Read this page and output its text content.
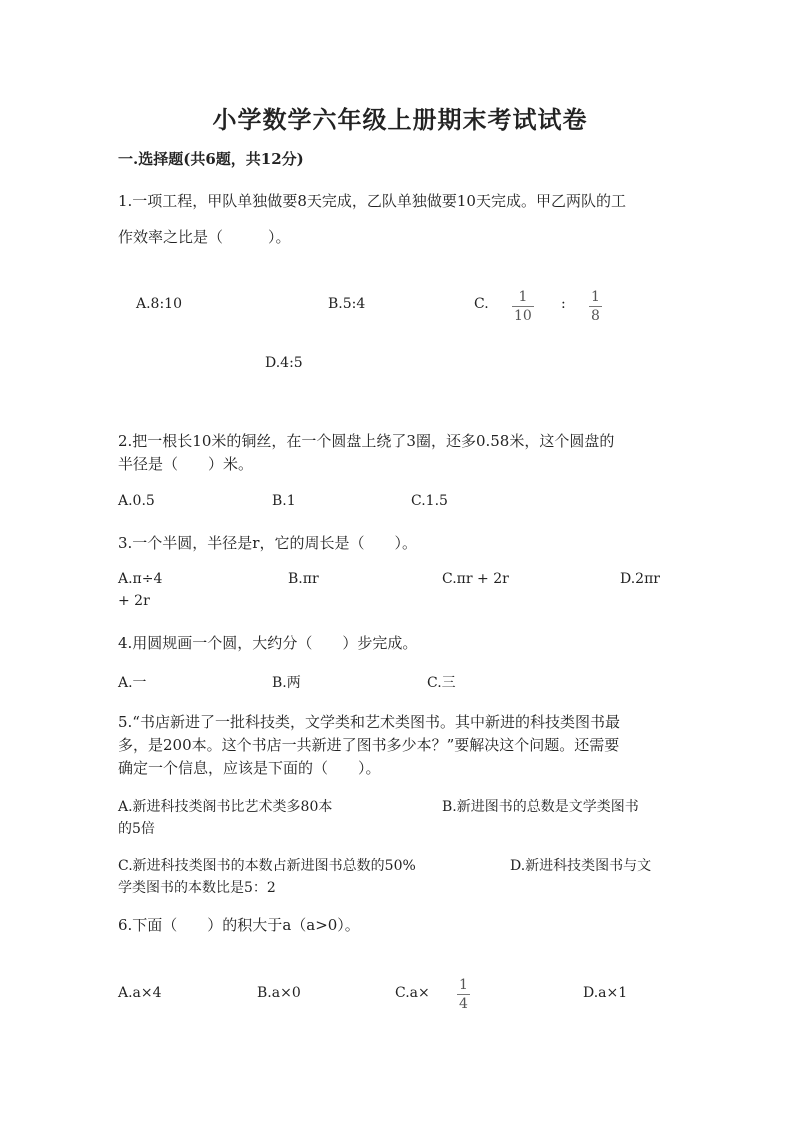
小学数学六年级上册期末考试试卷
一.选择题(共6题，共12分)
1.一项工程，甲队单独做要8天完成，乙队单独做要10天完成。甲乙两队的工
作效率之比是（　　　）。
A.8:10	B.5:4	C. 1
10
: 1
8
D.4:5
2.把一根长10米的铜丝，在一个圆盘上绕了3圈，还多0.58米，这个圆盘的
半径是（　　）米。
A.0.5	B.1	C.1.5
3.一个半圆，半径是r，它的周长是（　　）。
A.π÷4	B.πr	C.πr + 2r	D.2πr
+ 2r
4.用圆规画一个圆，大约分（　　）步完成。
A.一	B.两	C.三
5.“书店新进了一批科技类，文学类和艺术类图书。其中新进的科技类图书最
多，是200本。这个书店一共新进了图书多少本？”要解决这个问题。还需要
确定一个信息，应该是下面的（　　）。
A.新进科技类阁书比艺术类多80本	B.新进图书的总数是文学类图书
的5倍
C.新进科技类图书的本数占新进图书总数的50%	D.新进科技类图书与文
学类图书的本数比是5：2
6.下面（　　）的积大于a（a>0）。
A.a×4	B.a×0	C.a× 1
4
D.a×1
